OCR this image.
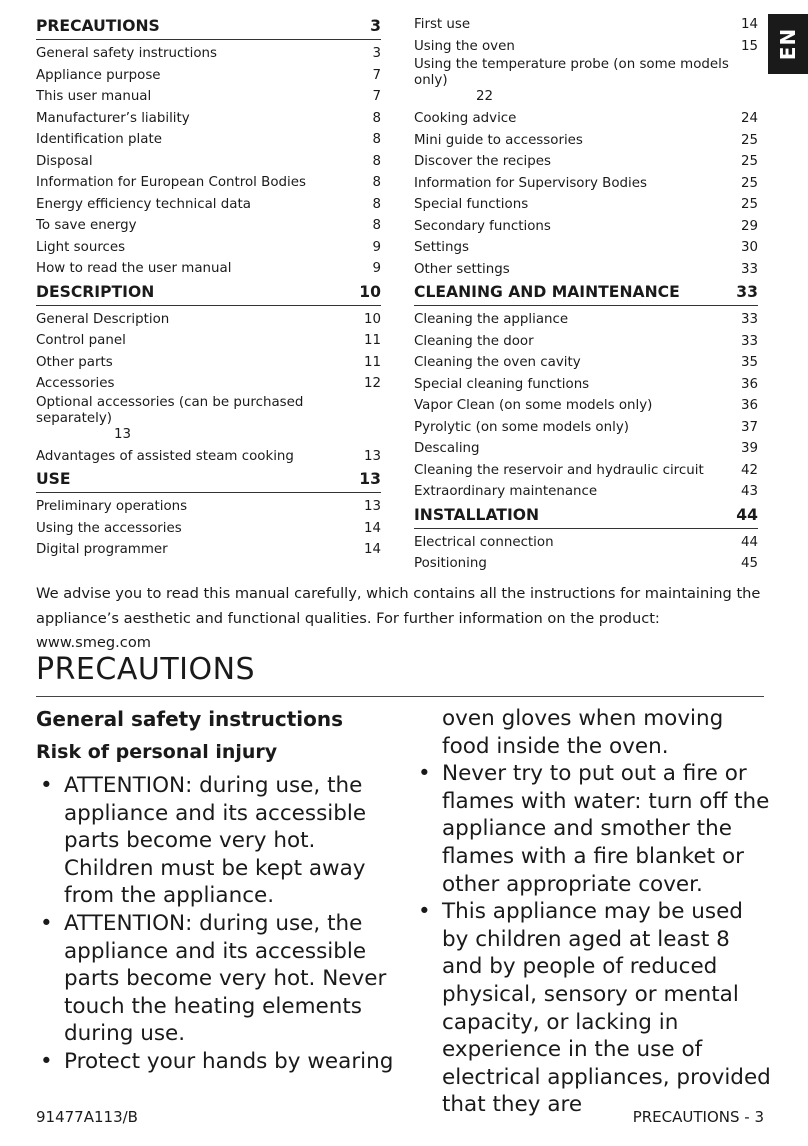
EN
PRECAUTIONS	3
General safety instructions	3
Appliance purpose	7
This user manual	7
Manufacturer’s liability	8
Identification plate	8
Disposal	8
Information for European Control Bodies	8
Energy efficiency technical data	8
To save energy	8
Light sources	9
How to read the user manual	9
DESCRIPTION	10
General Description	10
Control panel	11
Other parts	11
Accessories	12
Optional accessories (can be purchased separately)
13
Advantages of assisted steam cooking	13
USE	13
Preliminary operations	13
Using the accessories	14
Digital programmer	14
First use	14
Using the oven	15
Using the temperature probe (on some models only)
22
Cooking advice	24
Mini guide to accessories	25
Discover the recipes	25
Information for Supervisory Bodies	25
Special functions	25
Secondary functions	29
Settings	30
Other settings	33
CLEANING AND MAINTENANCE	33
Cleaning the appliance	33
Cleaning the door	33
Cleaning the oven cavity	35
Special cleaning functions	36
Vapor Clean (on some models only)	36
Pyrolytic (on some models only)	37
Descaling	39
Cleaning the reservoir and hydraulic circuit	42
Extraordinary maintenance	43
INSTALLATION	44
Electrical connection	44
Positioning	45
We advise you to read this manual carefully, which contains all the instructions for maintaining the appliance’s aesthetic and functional qualities. For further information on the product: www.smeg.com
PRECAUTIONS
General safety instructions
Risk of personal injury
• ATTENTION: during use, the appliance and its accessible parts become very hot. Children must be kept away from the appliance.
• ATTENTION: during use, the appliance and its accessible parts become very hot. Never touch the heating elements during use.
• Protect your hands by wearing
oven gloves when moving food inside the oven.
• Never try to put out a fire or flames with water: turn off the appliance and smother the flames with a fire blanket or other appropriate cover.
• This appliance may be used by children aged at least 8 and by people of reduced physical, sensory or mental capacity, or lacking in experience in the use of electrical appliances, provided that they are
91477A113/B	PRECAUTIONS - 3
